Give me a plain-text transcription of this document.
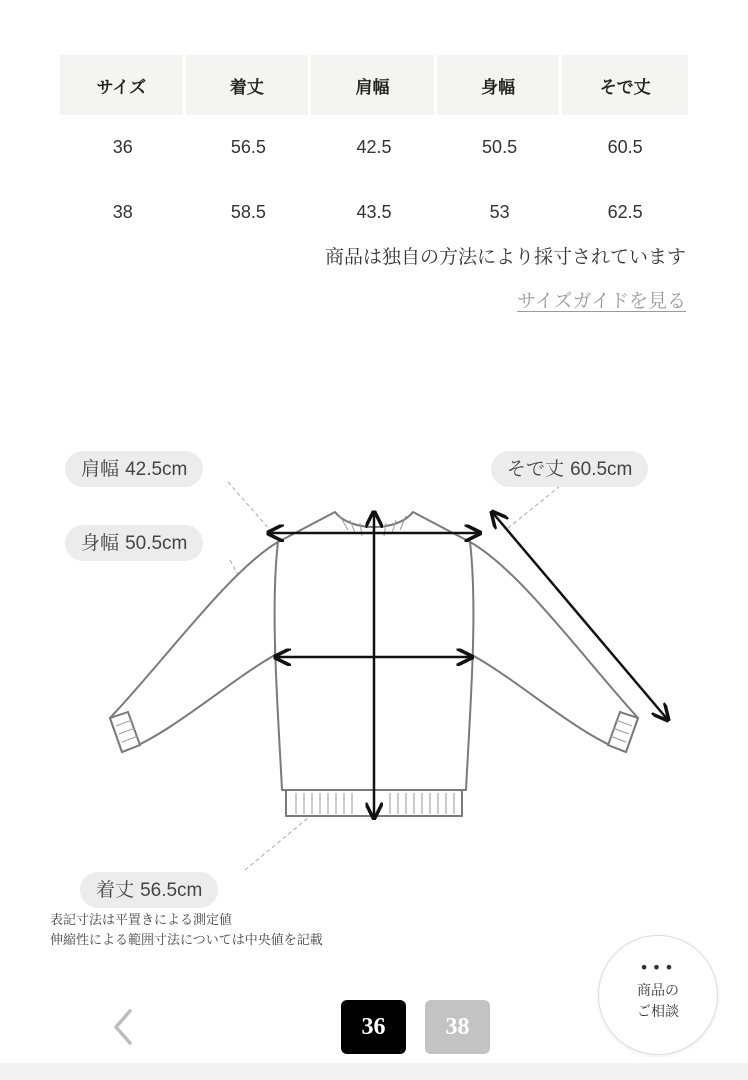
サイズ	着丈	肩幅	身幅	そで丈
36	56.5	42.5	50.5	60.5
38	58.5	43.5	53	62.5
商品は独自の方法により採寸されています
サイズガイドを見る
肩幅 42.5cm
身幅 50.5cm
そで丈 60.5cm
着丈 56.5cm
表記寸法は平置きによる測定値
伸縮性による範囲寸法については中央値を記載
36	38
•••
商品の
ご相談
